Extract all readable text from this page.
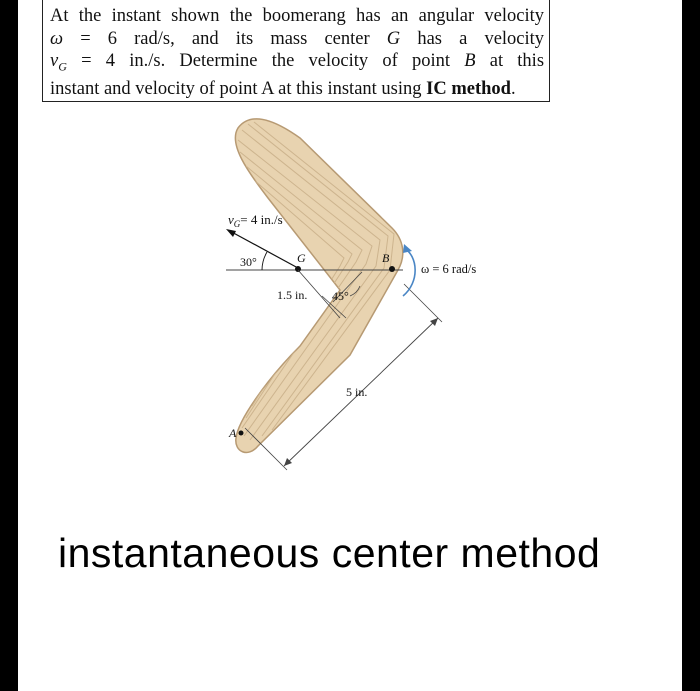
At the instant shown the boomerang has an angular velocity
ω = 6 rad/s, and its mass center G has a velocity
$v_G = 4$ in./s. Determine the velocity of point B at this
instant and velocity of point A at this instant using IC method.
$v_G= 4$ in./s
30°	G	B
A
1.5 in. 45°
5 in.
ω = 6 rad/s
instantaneous center method
